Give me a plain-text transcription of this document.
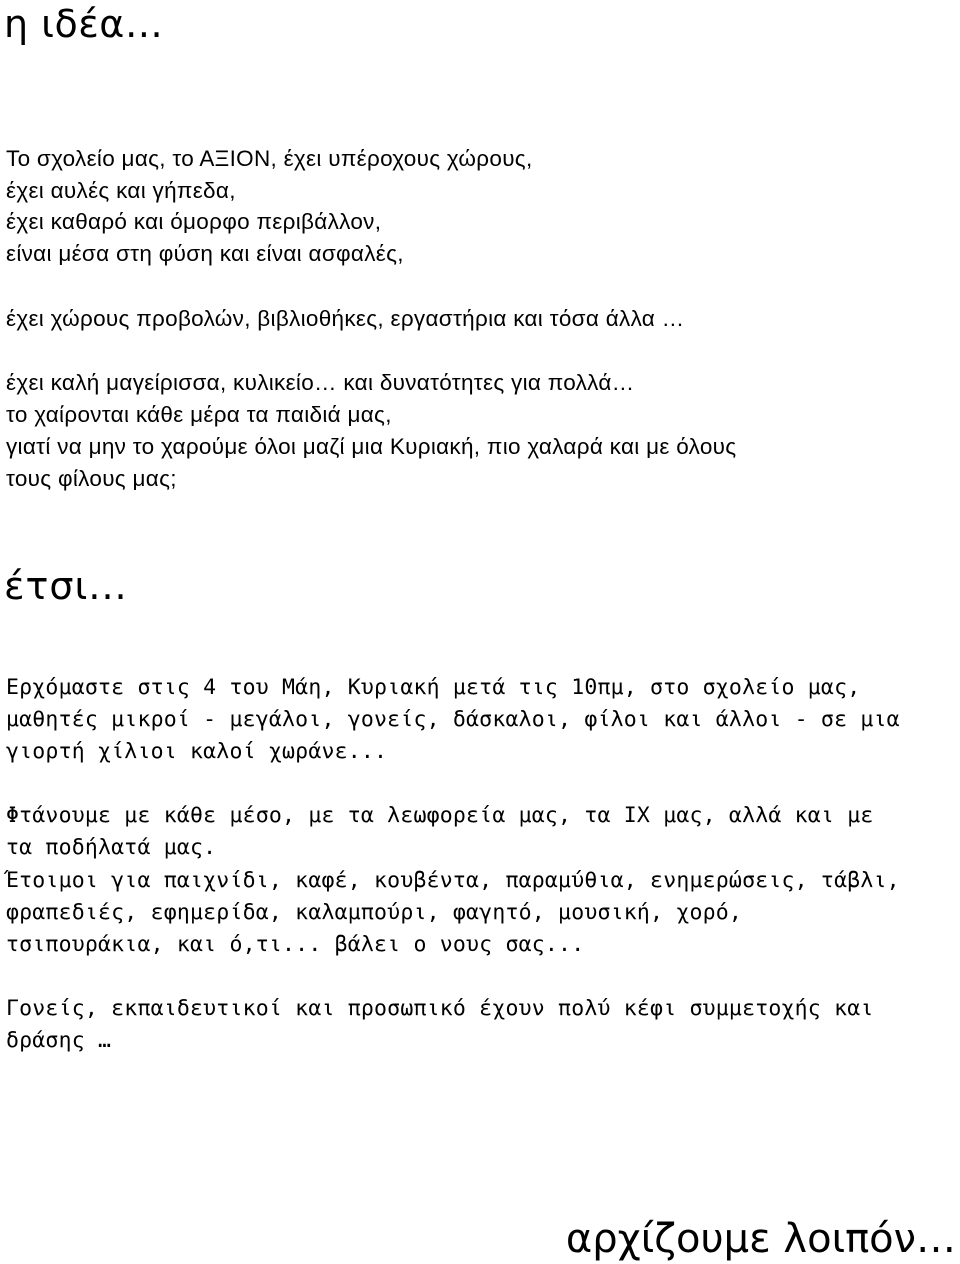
η ιδέα…
Το σχολείο μας, το ΑΞΙΟΝ, έχει υπέροχους χώρους,
έχει αυλές και γήπεδα,
έχει καθαρό και όμορφο περιβάλλον,
είναι μέσα στη φύση και είναι ασφαλές,
έχει χώρους προβολών, βιβλιοθήκες, εργαστήρια και τόσα άλλα …
έχει καλή μαγείρισσα, κυλικείο… και δυνατότητες για πολλά…
το χαίρονται κάθε μέρα τα παιδιά μας,
γιατί να μην το χαρούμε όλοι μαζί μια Κυριακή, πιο χαλαρά και με όλους
τους φίλους μας;
έτσι...
Ερχόμαστε στις 4 του Μάη, Κυριακή μετά τις 10πμ, στο σχολείο μας,
μαθητές μικροί - μεγάλοι, γονείς, δάσκαλοι, φίλοι και άλλοι - σε μια
γιορτή χίλιοι καλοί χωράνε...
Φτάνουμε με κάθε μέσο, με τα λεωφορεία μας, τα ΙΧ μας, αλλά και με
τα ποδήλατά μας.
Έτοιμοι για παιχνίδι, καφέ, κουβέντα, παραμύθια, ενημερώσεις, τάβλι,
φραπεδιές, εφημερίδα, καλαμπούρι, φαγητό, μουσική, χορό,
τσιπουράκια, και ό,τι... βάλει ο νους σας...
Γονείς, εκπαιδευτικοί και προσωπικό έχουν πολύ κέφι συμμετοχής και
δράσης …

αρχίζουμε λοιπόν…
